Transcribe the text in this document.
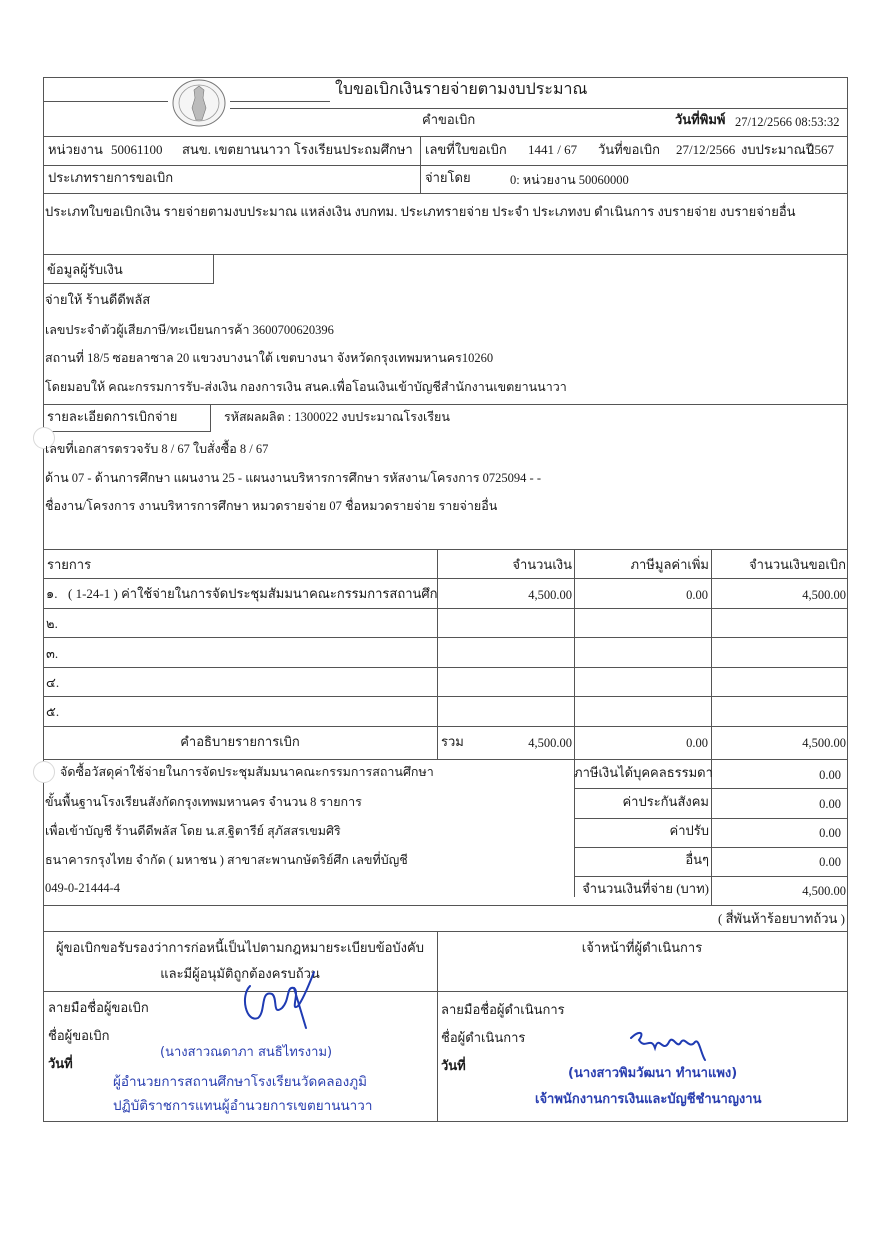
ใบขอเบิกเงินรายจ่ายตามงบประมาณ
คำขอเบิก	วันที่พิมพ์ 27/12/2566 08:53:32
หน่วยงาน 50061100 สนข. เขตยานนาวา โรงเรียนประถมศึกษา เลขที่ใบขอเบิก 1441 / 67 วันที่ขอเบิก 27/12/2566 งบประมาณปี
2567
ประเภทรายการขอเบิก	จ่ายโดย	0: หน่วยงาน 50060000
ประเภทใบขอเบิกเงิน รายจ่ายตามงบประมาณ แหล่งเงิน งบกทม. ประเภทรายจ่าย ประจำ ประเภทงบ ดำเนินการ งบรายจ่าย งบรายจ่ายอื่น
ข้อมูลผู้รับเงิน
จ่ายให้ ร้านดีดีพลัส
เลขประจำตัวผู้เสียภาษี/ทะเบียนการค้า 3600700620396
สถานที่ 18/5 ซอยลาซาล 20 แขวงบางนาใต้ เขตบางนา จังหวัดกรุงเทพมหานคร10260
โดยมอบให้ คณะกรรมการรับ-ส่งเงิน กองการเงิน สนค.เพื่อโอนเงินเข้าบัญชีสำนักงานเขตยานนาวา
รายละเอียดการเบิกจ่าย	รหัสผลผลิต : 1300022 งบประมาณโรงเรียน
เลขที่เอกสารตรวจรับ 8 / 67 ใบสั่งซื้อ 8 / 67
ด้าน 07 - ด้านการศึกษา แผนงาน 25 - แผนงานบริหารการศึกษา รหัสงาน/โครงการ 0725094 - -
ชื่องาน/โครงการ งานบริหารการศึกษา หมวดรายจ่าย 07 ชื่อหมวดรายจ่าย รายจ่ายอื่น
รายการ	จำนวนเงิน	ภาษีมูลค่าเพิ่ม	จำนวนเงินขอเบิก
๑. ( 1-24-1 ) ค่าใช้จ่ายในการจัดประชุมสัมมนาคณะกรรมการสถานศึก	4,500.00	0.00	4,500.00
๒.
๓.
๔.
๕.
คำอธิบายรายการเบิก	รวม	4,500.00	0.00	4,500.00
จัดซื้อวัสดุค่าใช้จ่ายในการจัดประชุมสัมมนาคณะกรรมการสถานศึกษา
ขั้นพื้นฐานโรงเรียนสังกัดกรุงเทพมหานคร จำนวน 8 รายการ
เพื่อเข้าบัญชี ร้านดีดีพลัส โดย น.ส.ฐิตารีย์ สุภัสสรเขมศิริ
ธนาคารกรุงไทย จำกัด ( มหาชน ) สาขาสะพานกษัตริย์ศึก เลขที่บัญชี
049-0-21444-4
ภาษีเงินได้บุคคลธรรมดา	0.00
ค่าประกันสังคม	0.00
ค่าปรับ	0.00
อื่นๆ	0.00
จำนวนเงินที่จ่าย (บาท)	4,500.00
( สี่พันห้าร้อยบาทถ้วน )
ผู้ขอเบิกขอรับรองว่าการก่อหนี้เป็นไปตามกฎหมายระเบียบข้อบังคับ
และมีผู้อนุมัติถูกต้องครบถ้วน
เจ้าหน้าที่ผู้ดำเนินการ
ลายมือชื่อผู้ขอเบิก
ชื่อผู้ขอเบิก
วันที่
(นางสาวณดาภา สนธิไทรงาม)
ผู้อำนวยการสถานศึกษาโรงเรียนวัดคลองภูมิ
ปฏิบัติราชการแทนผู้อำนวยการเขตยานนาวา
ลายมือชื่อผู้ดำเนินการ
ชื่อผู้ดำเนินการ
วันที่
(นางสาวพิมวัฒนา ทำนาแพง)
เจ้าพนักงานการเงินและบัญชีชำนาญงาน
